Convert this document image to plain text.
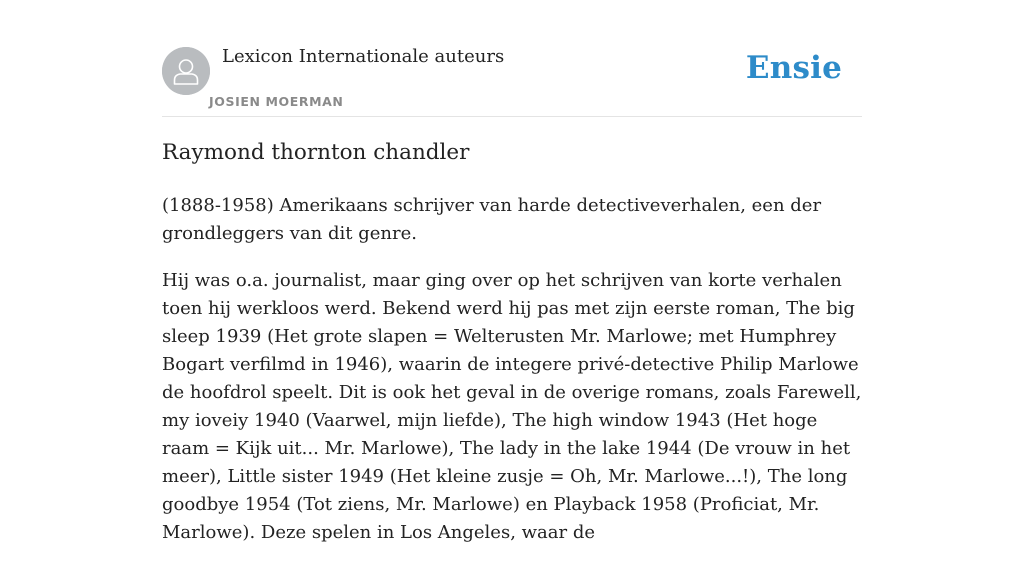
Lexicon Internationale auteurs
JOSIEN MOERMAN
Ensie
Raymond thornton chandler

(1888-1958) Amerikaans schrijver van harde detectiveverhalen, een der grondleggers van dit genre.

Hij was o.a. journalist, maar ging over op het schrijven van korte verhalen toen hij werkloos werd. Bekend werd hij pas met zijn eerste roman, The big sleep 1939 (Het grote slapen = Welterusten Mr. Marlowe; met Humphrey Bogart verfilmd in 1946), waarin de integere privé-detective Philip Marlowe de hoofdrol speelt. Dit is ook het geval in de overige romans, zoals Farewell, my ioveiy 1940 (Vaarwel, mijn liefde), The high window 1943 (Het hoge raam = Kijk uit... Mr. Marlowe), The lady in the lake 1944 (De vrouw in het meer), Little sister 1949 (Het kleine zusje = Oh, Mr. Marlowe...!), The long goodbye 1954 (Tot ziens, Mr. Marlowe) en Playback 1958 (Proficiat, Mr. Marlowe). Deze spelen in Los Angeles, waar de
